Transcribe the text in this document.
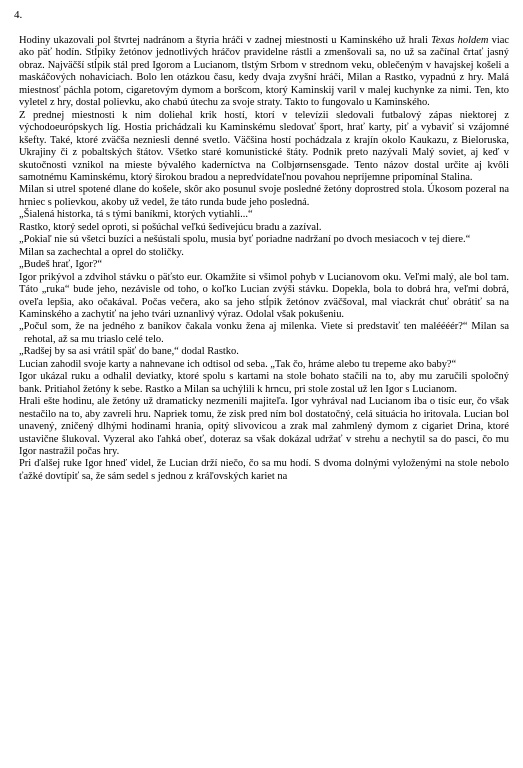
4.

Hodiny ukazovali pol štvrtej nadránom a štyria hráči v zadnej miestnosti u Kaminského už hrali Texas holdem viac ako päť hodín. Stĺpiky žetónov jednotlivých hráčov pravidelne rástli a zmenšovali sa, no už sa začínal črtať jasný obraz. Najväčší stĺpik stál pred Igorom a Lucianom, tlstým Srbom v strednom veku, oblečeným v havajskej košeli a maskáčových nohaviciach. Bolo len otázkou času, kedy dvaja zvyšní hráči, Milan a Rastko, vypadnú z hry. Malá miestnosť páchla potom, cigaretovým dymom a boršcom, ktorý Kaminskij varil v malej kuchynke za nimi. Ten, kto vyletel z hry, dostal polievku, ako chabú útechu za svoje straty. Takto to fungovalo u Kaminského.

Z prednej miestnosti k nim doliehal krik hostí, ktorí v televízii sledovali futbalový zápas niektorej z východoeurópskych líg. Hostia prichádzali ku Kaminskému sledovať šport, hrať karty, piť a vybaviť si vzájomné kšefty. Také, ktoré zväčša nezniesli denné svetlo. Väčšina hostí pochádzala z krajín okolo Kaukazu, z Bieloruska, Ukrajiny či z pobaltských štátov. Všetko staré komunistické štáty. Podnik preto nazývali Malý soviet, aj keď v skutočnosti vznikol na mieste bývalého kaderníctva na Colbjørnsensgade. Tento názov dostal určite aj kvôli samotnému Kaminskému, ktorý širokou bradou a nepredvídateľnou povahou nepríjemne pripomínal Stalina.

Milan si utrel spotené dlane do košele, skôr ako posunul svoje posledné žetóny doprostred stola. Úkosom pozeral na hrniec s polievkou, akoby už vedel, že táto runda bude jeho posledná.

„Šialená historka, tá s tými baníkmi, ktorých vytiahli...“

Rastko, ktorý sedel oproti, si pošúchal veľkú šedivejúcu bradu a zazíval.

„Pokiaľ nie sú všetci buzíci a nešústali spolu, musia byť poriadne nadržaní po dvoch mesiacoch v tej diere.“

Milan sa zachechtal a oprel do stoličky.

„Budeš hrať, Igor?“

Igor prikývol a zdvihol stávku o päťsto eur. Okamžite si všimol pohyb v Lucianovom oku. Veľmi malý, ale bol tam. Táto „ruka“ bude jeho, nezávisle od toho, o koľko Lucian zvýši stávku. Dopekla, bola to dobrá hra, veľmi dobrá, oveľa lepšia, ako očakával. Počas večera, ako sa jeho stĺpik žetónov zväčšoval, mal viackrát chuť obrátiť sa na Kaminského a zachytiť na jeho tvári uznanlivý výraz. Odolal však pokušeniu.

„Počul som, že na jedného z baníkov čakala vonku žena aj milenka. Viete si predstaviť ten maléééér?“ Milan sa rehotal, až sa mu triaslo celé telo.

„Radšej by sa asi vrátil späť do bane,“ dodal Rastko.

Lucian zahodil svoje karty a nahnevane ich odtisol od seba. „Tak čo, hráme alebo tu trepeme ako baby?“

Igor ukázal ruku a odhalil deviatky, ktoré spolu s kartami na stole bohato stačili na to, aby mu zaručili spoločný bank. Pritiahol žetóny k sebe. Rastko a Milan sa uchýlili k hrncu, pri stole zostal už len Igor s Lucianom.

Hrali ešte hodinu, ale žetóny už dramaticky nezmenili majiteľa. Igor vyhrával nad Lucianom iba o tisíc eur, čo však nestačilo na to, aby zavreli hru. Napriek tomu, že zisk pred ním bol dostatočný, celá situácia ho iritovala. Lucian bol unavený, zničený dlhými hodinami hrania, opitý slivovicou a zrak mal zahmlený dymom z cigariet Drina, ktoré ustavične šlukoval. Vyzeral ako ľahká obeť, doteraz sa však dokázal udržať v strehu a nechytil sa do pasci, čo mu Igor nastražil počas hry.

Pri ďalšej ruke Igor hneď videl, že Lucian drží niečo, čo sa mu hodí. S dvoma dolnými vyloženými na stole nebolo ťažké dovtípiť sa, že sám sedel s jednou z kráľovských kariet na
